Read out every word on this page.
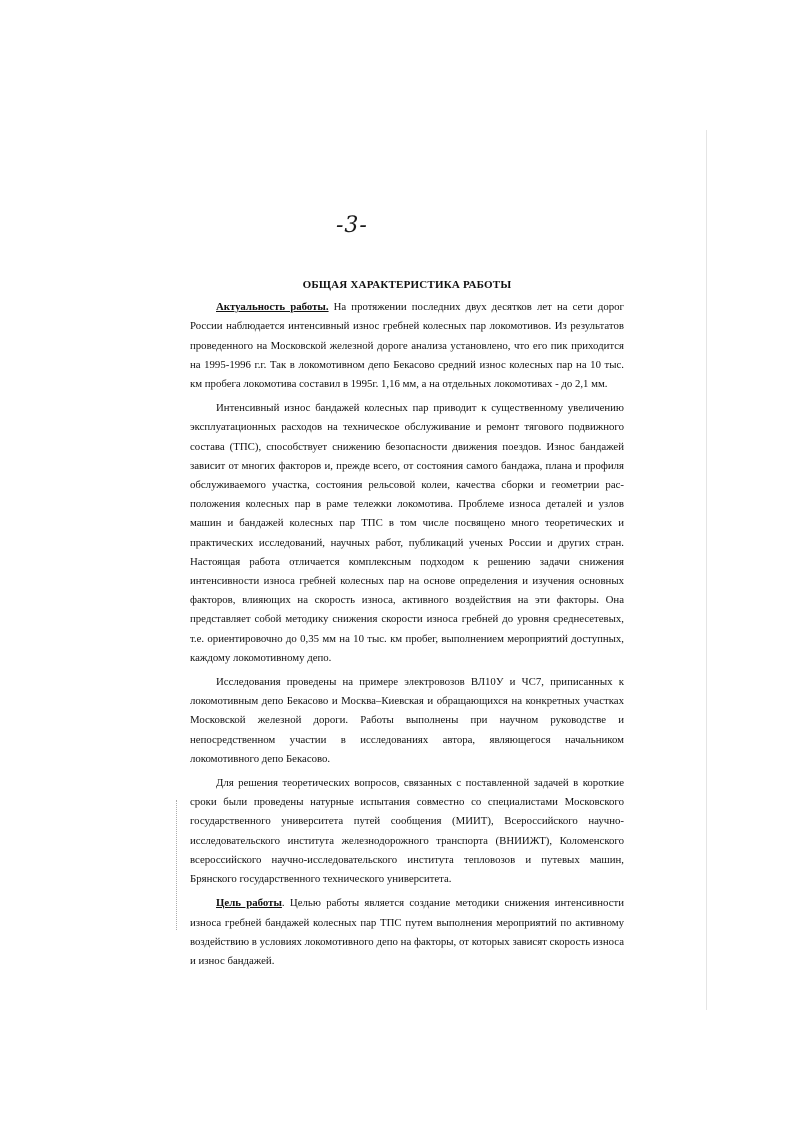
-3-
ОБЩАЯ ХАРАКТЕРИСТИКА РАБОТЫ

Актуальность работы. На протяжении последних двух десятков лет на сети дорог России наблюдается интенсивный износ гребней колесных пар локомотивов. Из результатов проведенного на Московской железной дороге анализа установлено, что его пик приходится на 1995-1996 г.г. Так в локомотивном депо Бекасово средний износ колесных пар на 10 тыс. км пробега локомотива составил в 1995г. 1,16 мм, а на отдельных локомотивах - до 2,1 мм.

Интенсивный износ бандажей колесных пар приводит к существенному увеличению эксплуатационных расходов на техническое обслуживание и ремонт тягового подвижного состава (ТПС), способствует снижению безопасности движения поездов. Износ бандажей зависит от многих факторов и, прежде всего, от состояния самого бандажа, плана и профиля обслуживаемого участка, состояния рельсовой колеи, качества сборки и геометрии рас-положения колесных пар в раме тележки локомотива. Проблеме износа деталей и узлов машин и бандажей колесных пар ТПС в том числе посвящено много теоретических и практических исследований, научных работ, публикаций ученых России и других стран. Настоящая работа отличается комплексным подходом к решению задачи снижения интенсивности износа гребней колесных пар на основе определения и изучения основных факторов, влияющих на скорость износа, активного воздействия на эти факторы. Она представляет собой методику снижения скорости износа гребней до уровня среднесетевых, т.е. ориентировочно до 0,35 мм на 10 тыс. км пробег, выполнением мероприятий доступных, каждому локомотивному депо.

Исследования проведены на примере электровозов ВЛ10У и ЧС7, приписанных к локомотивным депо Бекасово и Москва–Киевская и обращающихся на конкретных участках Московской железной дороги. Работы выполнены при научном руководстве и непосредственном участии в исследованиях автора, являющегося начальником локомотивного депо Бекасово.

Для решения теоретических вопросов, связанных с поставленной задачей в короткие сроки были проведены натурные испытания совместно со специалистами Московского государственного университета путей сообщения (МИИТ), Всероссийского научно-исследовательского института железнодорожного транспорта (ВНИИЖТ), Коломенского всероссийского научно-исследовательского института тепловозов и путевых машин, Брянского государственного технического университета.

Цель работы. Целью работы является создание методики снижения интенсивности износа гребней бандажей колесных пар ТПС путем выполнения мероприятий по активному воздействию в условиях локомотивного депо на факторы, от которых зависят скорость износа и износ бандажей.
